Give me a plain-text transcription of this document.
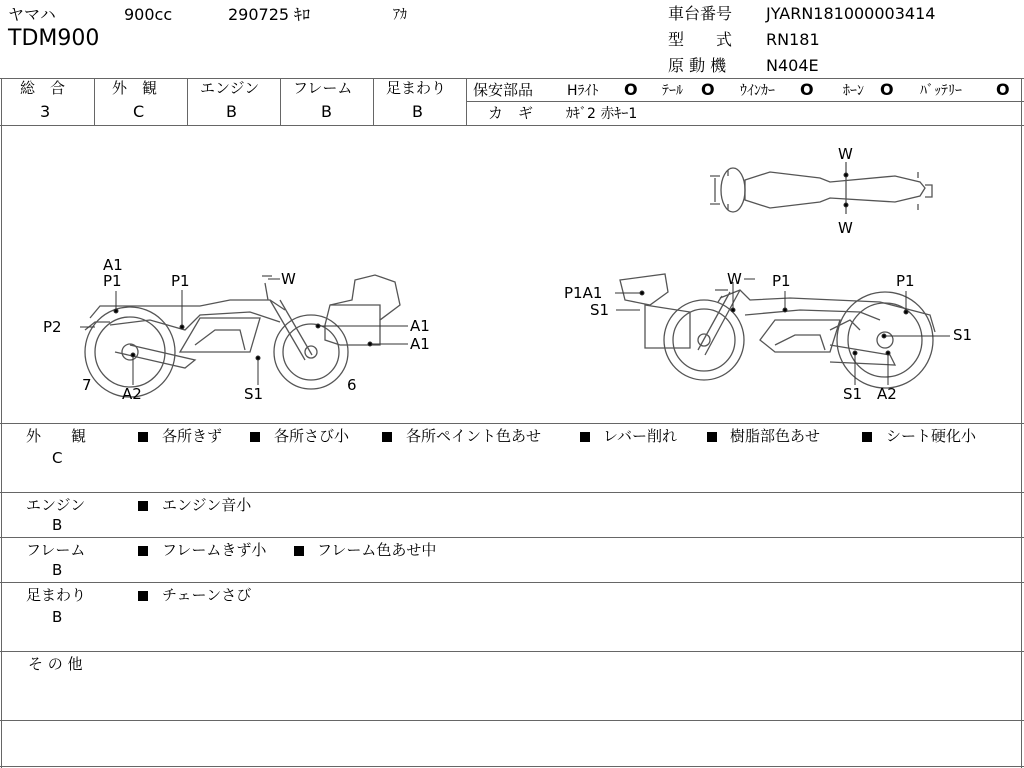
ヤマハ	900cc	290725 ｷﾛ	ｱｶ
TDM900
車台番号 JYARN181000003414
型　　式 RN181
原 動 機 N404E
総　合
3
外　観
C
エンジン
B
フレーム
B
足まわり
B
保安部品 Hﾗｲﾄ O ﾃｰﾙ O ｳｲﾝｶｰ O ﾎｰﾝ O ﾊﾞｯﾃﾘｰ O
カ　ギ ｶｷﾞ2 赤ｷｰ1
A1
P1	P1	W
P2	A1
A1
7 A2	S1	6
P1A1
S1
W P1	P1
S1
S1 A2
W
W
外　　観
C
各所きず	各所さび小	各所ペイント色あせ	レバー削れ	樹脂部色あせ	シート硬化小
エンジン
B
エンジン音小
フレーム
B
フレームきず小	フレーム色あせ中
足まわり
B
チェーンさび
そ の 他
